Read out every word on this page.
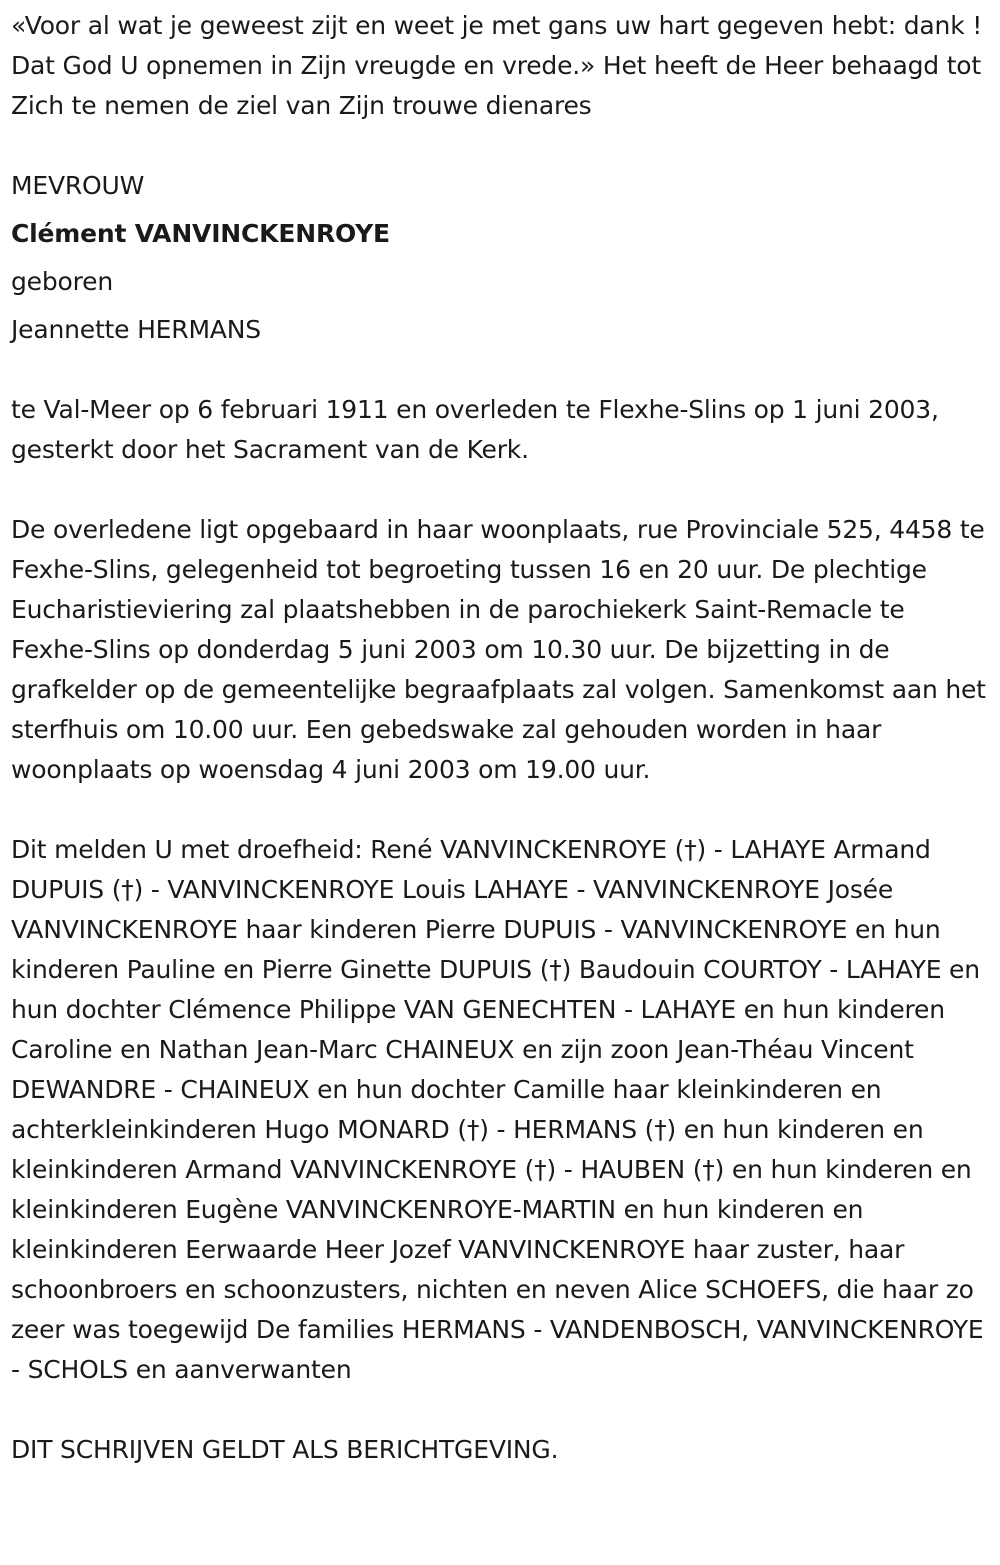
«Voor al wat je geweest zijt en weet je met gans uw hart gegeven hebt: dank ! Dat God U opnemen in Zijn vreugde en vrede.» Het heeft de Heer behaagd tot Zich te nemen de ziel van Zijn trouwe dienares

MEVROUW
Clément VANVINCKENROYE
geboren
Jeannette HERMANS

te Val-Meer op 6 februari 1911 en overleden te Flexhe-Slins op 1 juni 2003, gesterkt door het Sacrament van de Kerk.

De overledene ligt opgebaard in haar woonplaats, rue Provinciale 525, 4458 te Fexhe-Slins, gelegenheid tot begroeting tussen 16 en 20 uur. De plechtige Eucharistieviering zal plaatshebben in de parochiekerk Saint-Remacle te Fexhe-Slins op donderdag 5 juni 2003 om 10.30 uur. De bijzetting in de grafkelder op de gemeentelijke begraafplaats zal volgen. Samenkomst aan het sterfhuis om 10.00 uur. Een gebedswake zal gehouden worden in haar woonplaats op woensdag 4 juni 2003 om 19.00 uur.

Dit melden U met droefheid: René VANVINCKENROYE (†) - LAHAYE Armand DUPUIS (†) - VANVINCKENROYE Louis LAHAYE - VANVINCKENROYE Josée VANVINCKENROYE haar kinderen Pierre DUPUIS - VANVINCKENROYE en hun kinderen Pauline en Pierre Ginette DUPUIS (†) Baudouin COURTOY - LAHAYE en hun dochter Clémence Philippe VAN GENECHTEN - LAHAYE en hun kinderen Caroline en Nathan Jean-Marc CHAINEUX en zijn zoon Jean-Théau Vincent DEWANDRE - CHAINEUX en hun dochter Camille haar kleinkinderen en achterkleinkinderen Hugo MONARD (†) - HERMANS (†) en hun kinderen en kleinkinderen Armand VANVINCKENROYE (†) - HAUBEN (†) en hun kinderen en kleinkinderen Eugène VANVINCKENROYE-MARTIN en hun kinderen en kleinkinderen Eerwaarde Heer Jozef VANVINCKENROYE haar zuster, haar schoonbroers en schoonzusters, nichten en neven Alice SCHOEFS, die haar zo zeer was toegewijd De families HERMANS - VANDENBOSCH, VANVINCKENROYE - SCHOLS en aanverwanten

DIT SCHRIJVEN GELDT ALS BERICHTGEVING.
